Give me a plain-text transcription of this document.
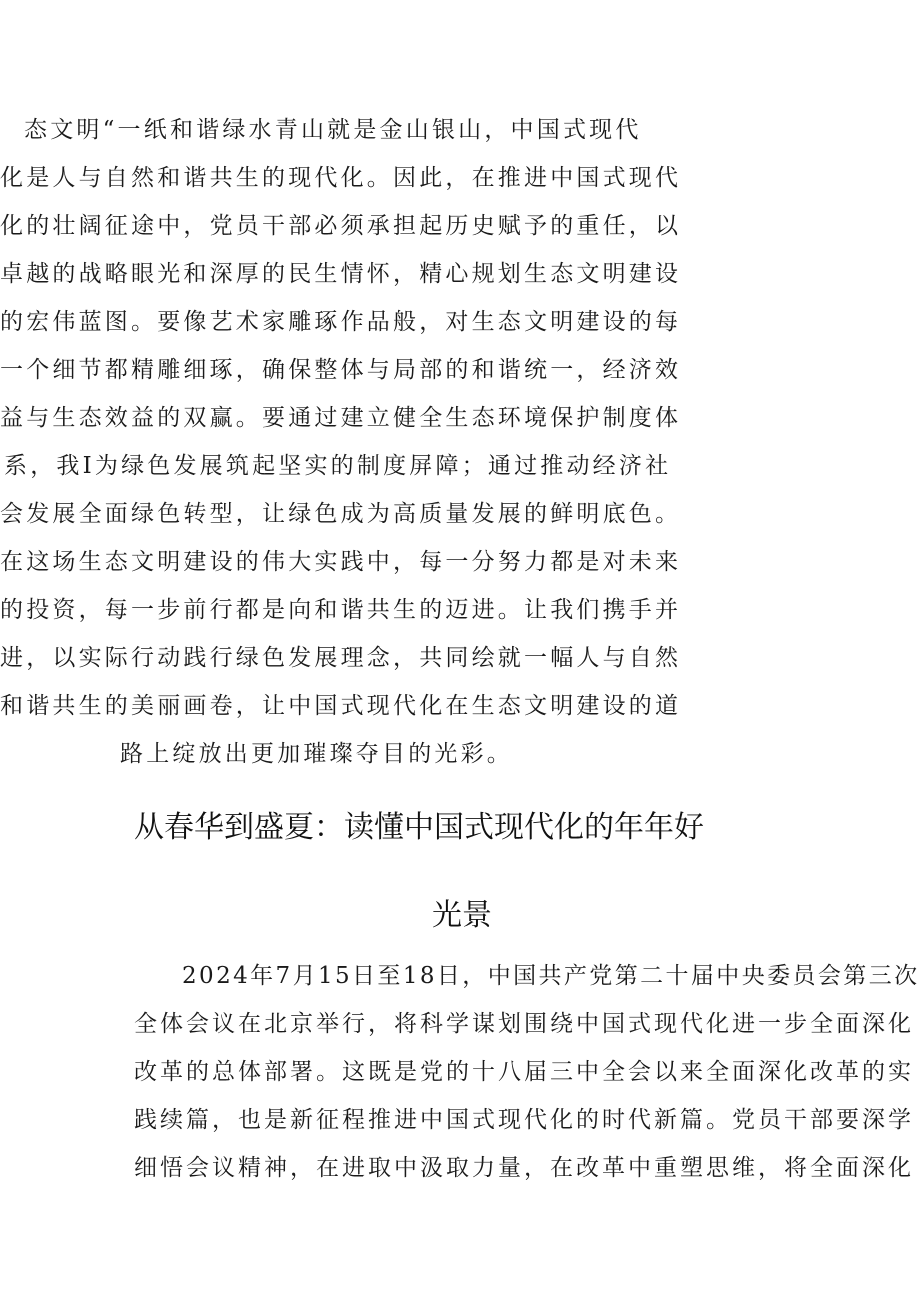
态文明“一纸和谐绿水青山就是金山银山，中国式现代
化是人与自然和谐共生的现代化。因此，在推进中国式现代
化的壮阔征途中，党员干部必须承担起历史赋予的重任，以
卓越的战略眼光和深厚的民生情怀，精心规划生态文明建设
的宏伟蓝图。要像艺术家雕琢作品般，对生态文明建设的每
一个细节都精雕细琢，确保整体与局部的和谐统一，经济效
益与生态效益的双赢。要通过建立健全生态环境保护制度体
系，我I为绿色发展筑起坚实的制度屏障；通过推动经济社
会发展全面绿色转型，让绿色成为高质量发展的鲜明底色。
在这场生态文明建设的伟大实践中，每一分努力都是对未来
的投资，每一步前行都是向和谐共生的迈进。让我们携手并
进，以实际行动践行绿色发展理念，共同绘就一幅人与自然
和谐共生的美丽画卷，让中国式现代化在生态文明建设的道
路上绽放出更加璀璨夺目的光彩。
从春华到盛夏：读懂中国式现代化的年年好
光景
2024年7月15日至18日，中国共产党第二十届中央委员会第三次
全体会议在北京举行，将科学谋划围绕中国式现代化进一步全面深化
改革的总体部署。这既是党的十八届三中全会以来全面深化改革的实
践续篇，也是新征程推进中国式现代化的时代新篇。党员干部要深学
细悟会议精神，在进取中汲取力量，在改革中重塑思维，将全面深化
